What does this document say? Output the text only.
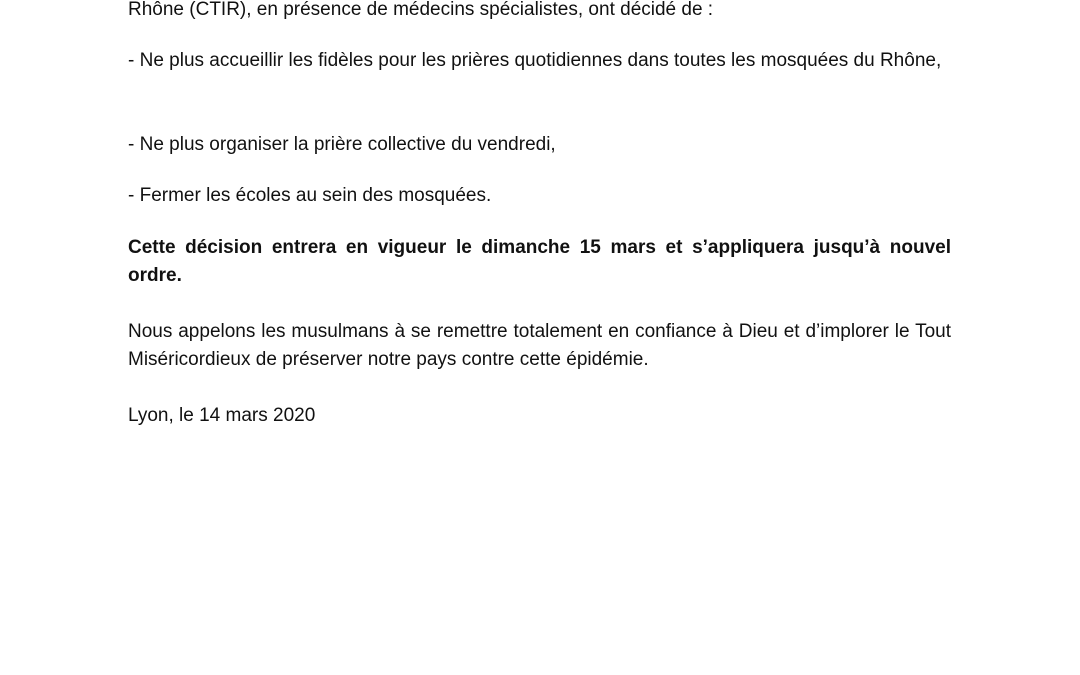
Rhône (CTIR), en présence de médecins spécialistes, ont décidé de :

- Ne plus accueillir les fidèles pour les prières quotidiennes dans toutes les mosquées du Rhône,

- Ne plus organiser la prière collective du vendredi,

- Fermer les écoles au sein des mosquées.

Cette décision entrera en vigueur le dimanche 15 mars et s’appliquera jusqu’à nouvel ordre.

Nous appelons les musulmans à se remettre totalement en confiance à Dieu et d’implorer le Tout Miséricordieux de préserver notre pays contre cette épidémie.

Lyon, le 14 mars 2020
